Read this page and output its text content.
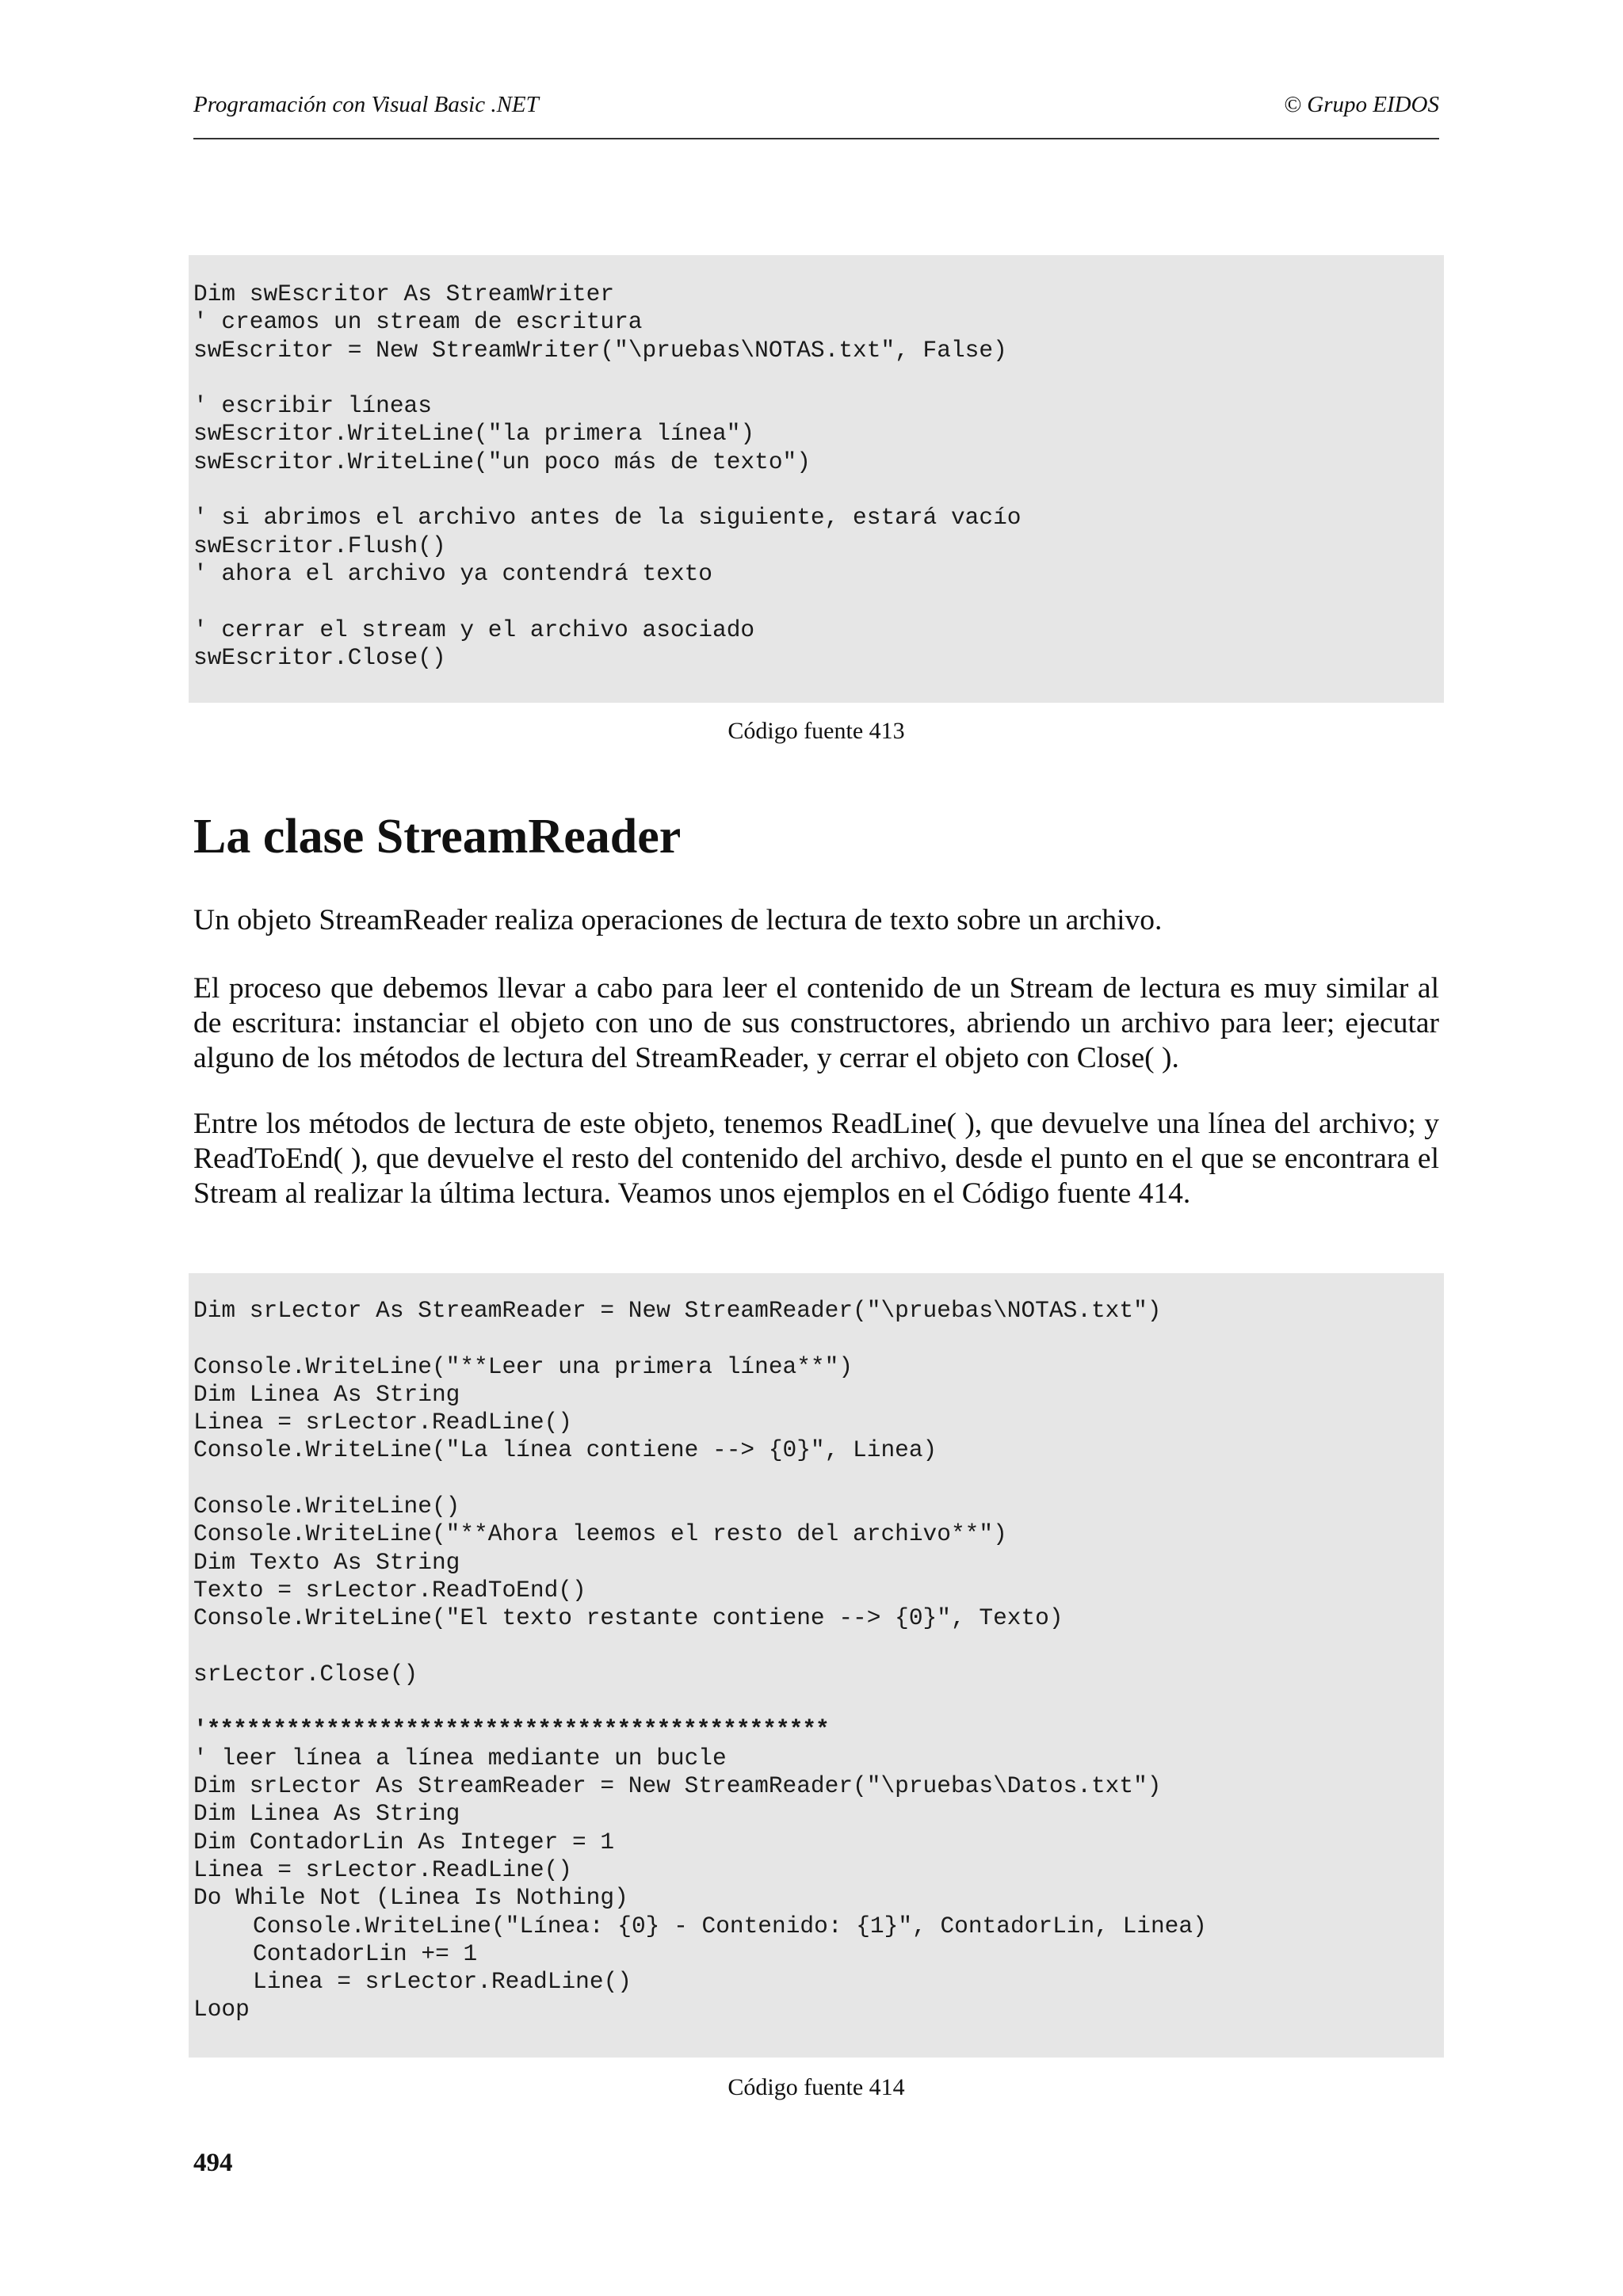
Programación con Visual Basic .NET	© Grupo EIDOS
Dim swEscritor As StreamWriter
' creamos un stream de escritura
swEscritor = New StreamWriter("\pruebas\NOTAS.txt", False)
' escribir líneas
swEscritor.WriteLine("la primera línea")
swEscritor.WriteLine("un poco más de texto")
' si abrimos el archivo antes de la siguiente, estará vacío
swEscritor.Flush()
' ahora el archivo ya contendrá texto
' cerrar el stream y el archivo asociado
swEscritor.Close()
Código fuente 413
La clase StreamReader

Un objeto StreamReader realiza operaciones de lectura de texto sobre un archivo.

El proceso que debemos llevar a cabo para leer el contenido de un Stream de lectura es muy similar al de escritura: instanciar el objeto con uno de sus constructores, abriendo un archivo para leer; ejecutar alguno de los métodos de lectura del StreamReader, y cerrar el objeto con Close( ).

Entre los métodos de lectura de este objeto, tenemos ReadLine( ), que devuelve una línea del archivo; y ReadToEnd( ), que devuelve el resto del contenido del archivo, desde el punto en el que se encontrara el Stream al realizar la última lectura. Veamos unos ejemplos en el Código fuente 414.

Dim srLector As StreamReader = New StreamReader("\pruebas\NOTAS.txt")
Console.WriteLine("**Leer una primera línea**")
Dim Linea As String
Linea = srLector.ReadLine()
Console.WriteLine("La línea contiene --> {0}", Linea)
Console.WriteLine()
Console.WriteLine("**Ahora leemos el resto del archivo**")
Dim Texto As String
Texto = srLector.ReadToEnd()
Console.WriteLine("El texto restante contiene --> {0}", Texto)
srLector.Close()
'***********************************************
' leer línea a línea mediante un bucle
Dim srLector As StreamReader = New StreamReader("\pruebas\Datos.txt")
Dim Linea As String
Dim ContadorLin As Integer = 1
Linea = srLector.ReadLine()
Do While Not (Linea Is Nothing)
Console.WriteLine("Línea: {0} - Contenido: {1}", ContadorLin, Linea)
ContadorLin += 1
Linea = srLector.ReadLine()
Loop
Código fuente 414
494
